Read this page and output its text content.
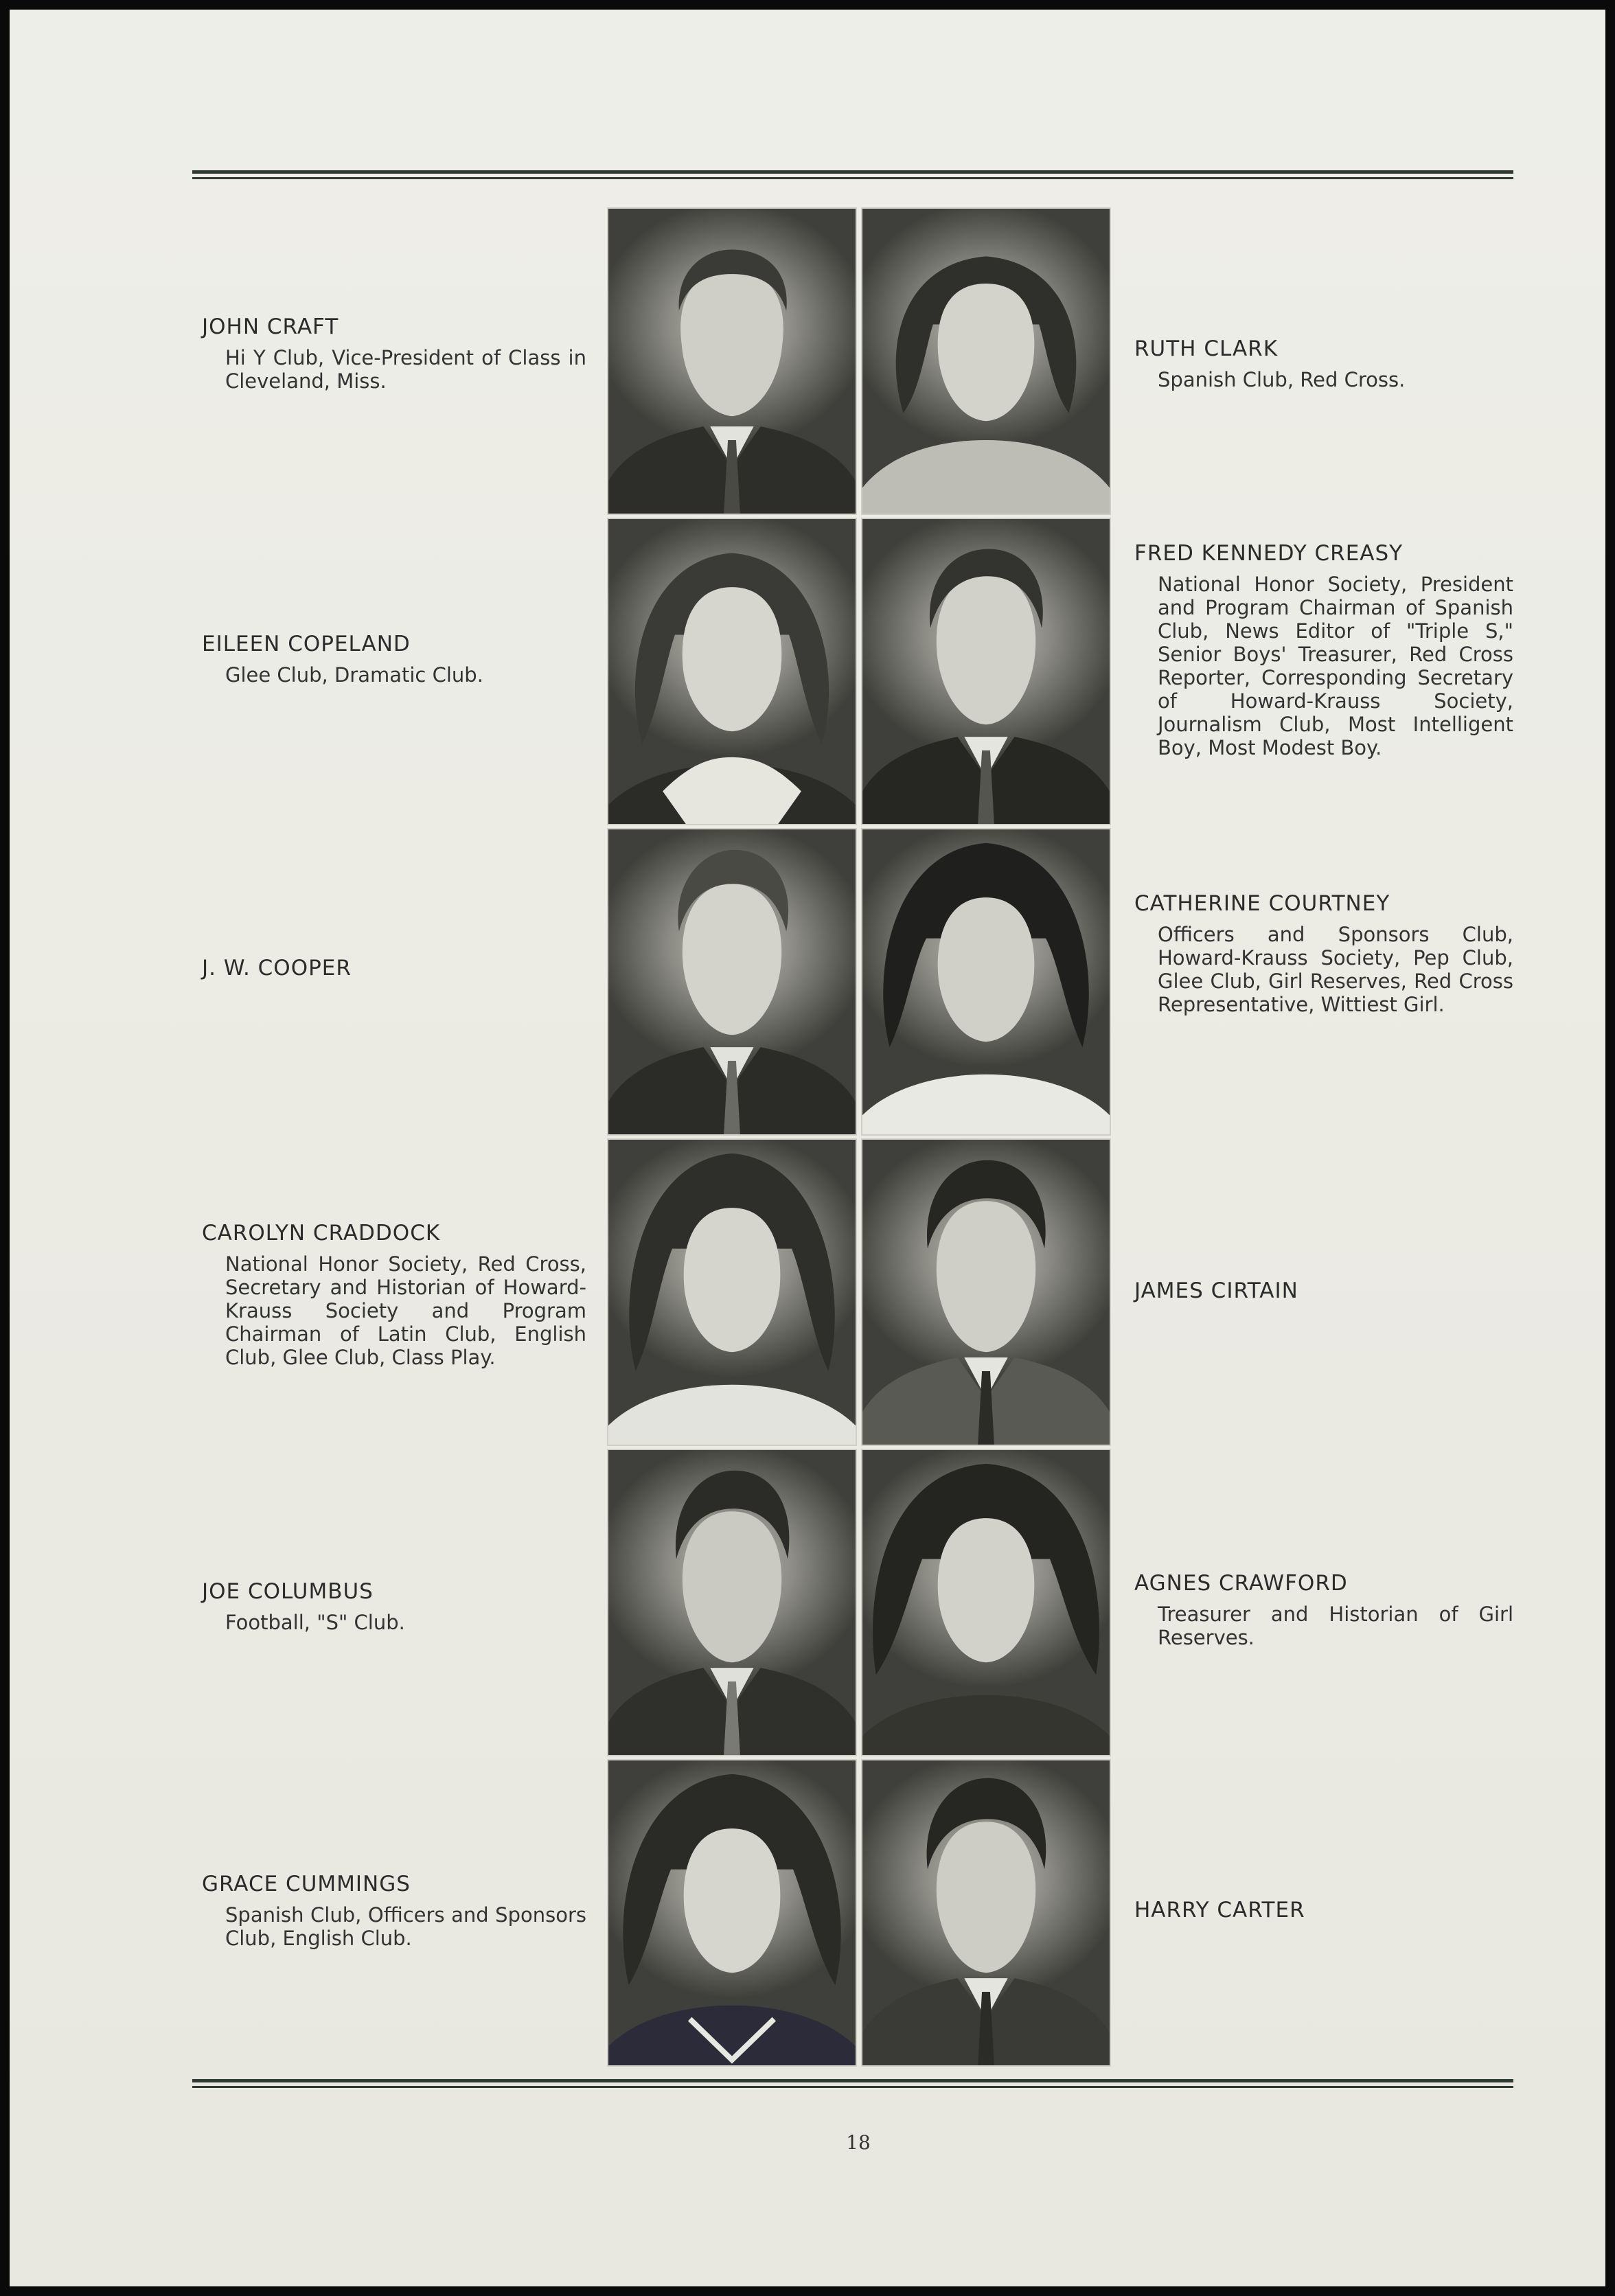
JOHN CRAFT
Hi Y Club, Vice-President of Class in Cleveland, Miss.
RUTH CLARK
Spanish Club, Red Cross.
EILEEN COPELAND
Glee Club, Dramatic Club.
FRED KENNEDY CREASY
National Honor Society, President and Program Chairman of Spanish Club, News Editor of "Triple S," Senior Boys' Treasurer, Red Cross Reporter, Corresponding Secretary of Howard-Krauss Society, Journalism Club, Most Intelligent Boy, Most Modest Boy.
J. W. COOPER
CATHERINE COURTNEY
Officers and Sponsors Club, Howard-Krauss Society, Pep Club, Glee Club, Girl Reserves, Red Cross Representative, Wittiest Girl.
CAROLYN CRADDOCK
National Honor Society, Red Cross, Secretary and Historian of Howard-Krauss Society and Program Chairman of Latin Club, English Club, Glee Club, Class Play.
JAMES CIRTAIN
JOE COLUMBUS
Football, "S" Club.
AGNES CRAWFORD
Treasurer and Historian of Girl Reserves.
GRACE CUMMINGS
Spanish Club, Officers and Sponsors Club, English Club.
HARRY CARTER
18
